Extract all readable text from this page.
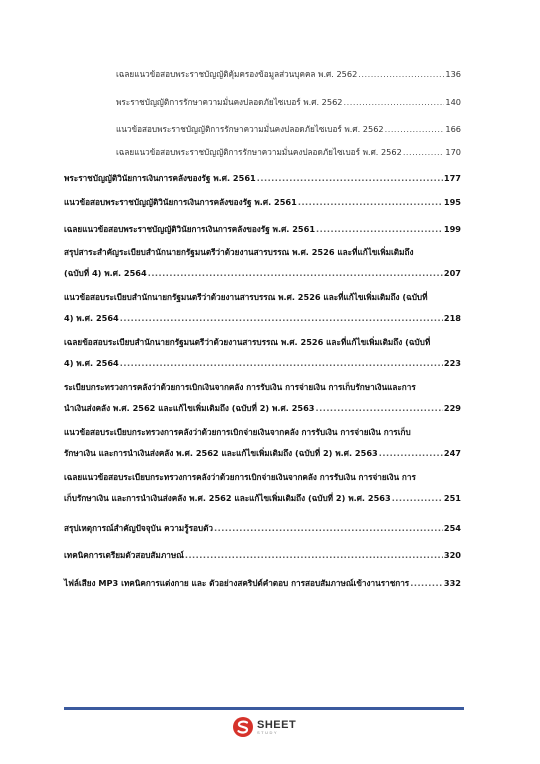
เฉลยแนวข้อสอบพระราชบัญญัติคุ้มครองข้อมูลส่วนบุคคล พ.ศ. 2562 .....	136
พระราชบัญญัติการรักษาความมั่นคงปลอดภัยไซเบอร์ พ.ศ. 2562 .....	140
แนวข้อสอบพระราชบัญญัติการรักษาความมั่นคงปลอดภัยไซเบอร์ พ.ศ. 2562 .....	166
เฉลยแนวข้อสอบพระราชบัญญัติการรักษาความมั่นคงปลอดภัยไซเบอร์ พ.ศ. 2562 .....	170
พระราชบัญญัติวินัยการเงินการคลังของรัฐ พ.ศ. 2561 .....	177
แนวข้อสอบพระราชบัญญัติวินัยการเงินการคลังของรัฐ พ.ศ. 2561 .....	195
เฉลยแนวข้อสอบพระราชบัญญัติวินัยการเงินการคลังของรัฐ พ.ศ. 2561 .....	199
สรุปสาระสำคัญระเบียบสำนักนายกรัฐมนตรีว่าด้วยงานสารบรรณ พ.ศ. 2526 และที่แก้ไขเพิ่มเติมถึง
(ฉบับที่ 4) พ.ศ. 2564 .....	207
แนวข้อสอบระเบียบสำนักนายกรัฐมนตรีว่าด้วยงานสารบรรณ พ.ศ. 2526 และที่แก้ไขเพิ่มเติมถึง (ฉบับที่
4) พ.ศ. 2564 .....	218
เฉลยข้อสอบระเบียบสำนักนายกรัฐมนตรีว่าด้วยงานสารบรรณ พ.ศ. 2526 และที่แก้ไขเพิ่มเติมถึง (ฉบับที่
4) พ.ศ. 2564 .....	223
ระเบียบกระทรวงการคลังว่าด้วยการเบิกเงินจากคลัง การรับเงิน การจ่ายเงิน การเก็บรักษาเงินและการ
นำเงินส่งคลัง พ.ศ. 2562 และแก้ไขเพิ่มเติมถึง (ฉบับที่ 2) พ.ศ. 2563 .....	229
แนวข้อสอบระเบียบกระทรวงการคลังว่าด้วยการเบิกจ่ายเงินจากคลัง การรับเงิน การจ่ายเงิน การเก็บ
รักษาเงิน และการนำเงินส่งคลัง พ.ศ. 2562 และแก้ไขเพิ่มเติมถึง (ฉบับที่ 2) พ.ศ. 2563 .....	247
เฉลยแนวข้อสอบระเบียบกระทรวงการคลังว่าด้วยการเบิกจ่ายเงินจากคลัง การรับเงิน การจ่ายเงิน การ
เก็บรักษาเงิน และการนำเงินส่งคลัง พ.ศ. 2562 และแก้ไขเพิ่มเติมถึง (ฉบับที่ 2) พ.ศ. 2563 .....	251
สรุปเหตุการณ์สำคัญปัจจุบัน ความรู้รอบตัว .....	254
เทคนิคการเตรียมตัวสอบสัมภาษณ์ .....	320
ไฟล์เสียง MP3 เทคนิคการแต่งกาย และ ตัวอย่างสคริปต์คำตอบ การสอบสัมภาษณ์เข้างานราชการ .....	332
SHEET
STUDY
